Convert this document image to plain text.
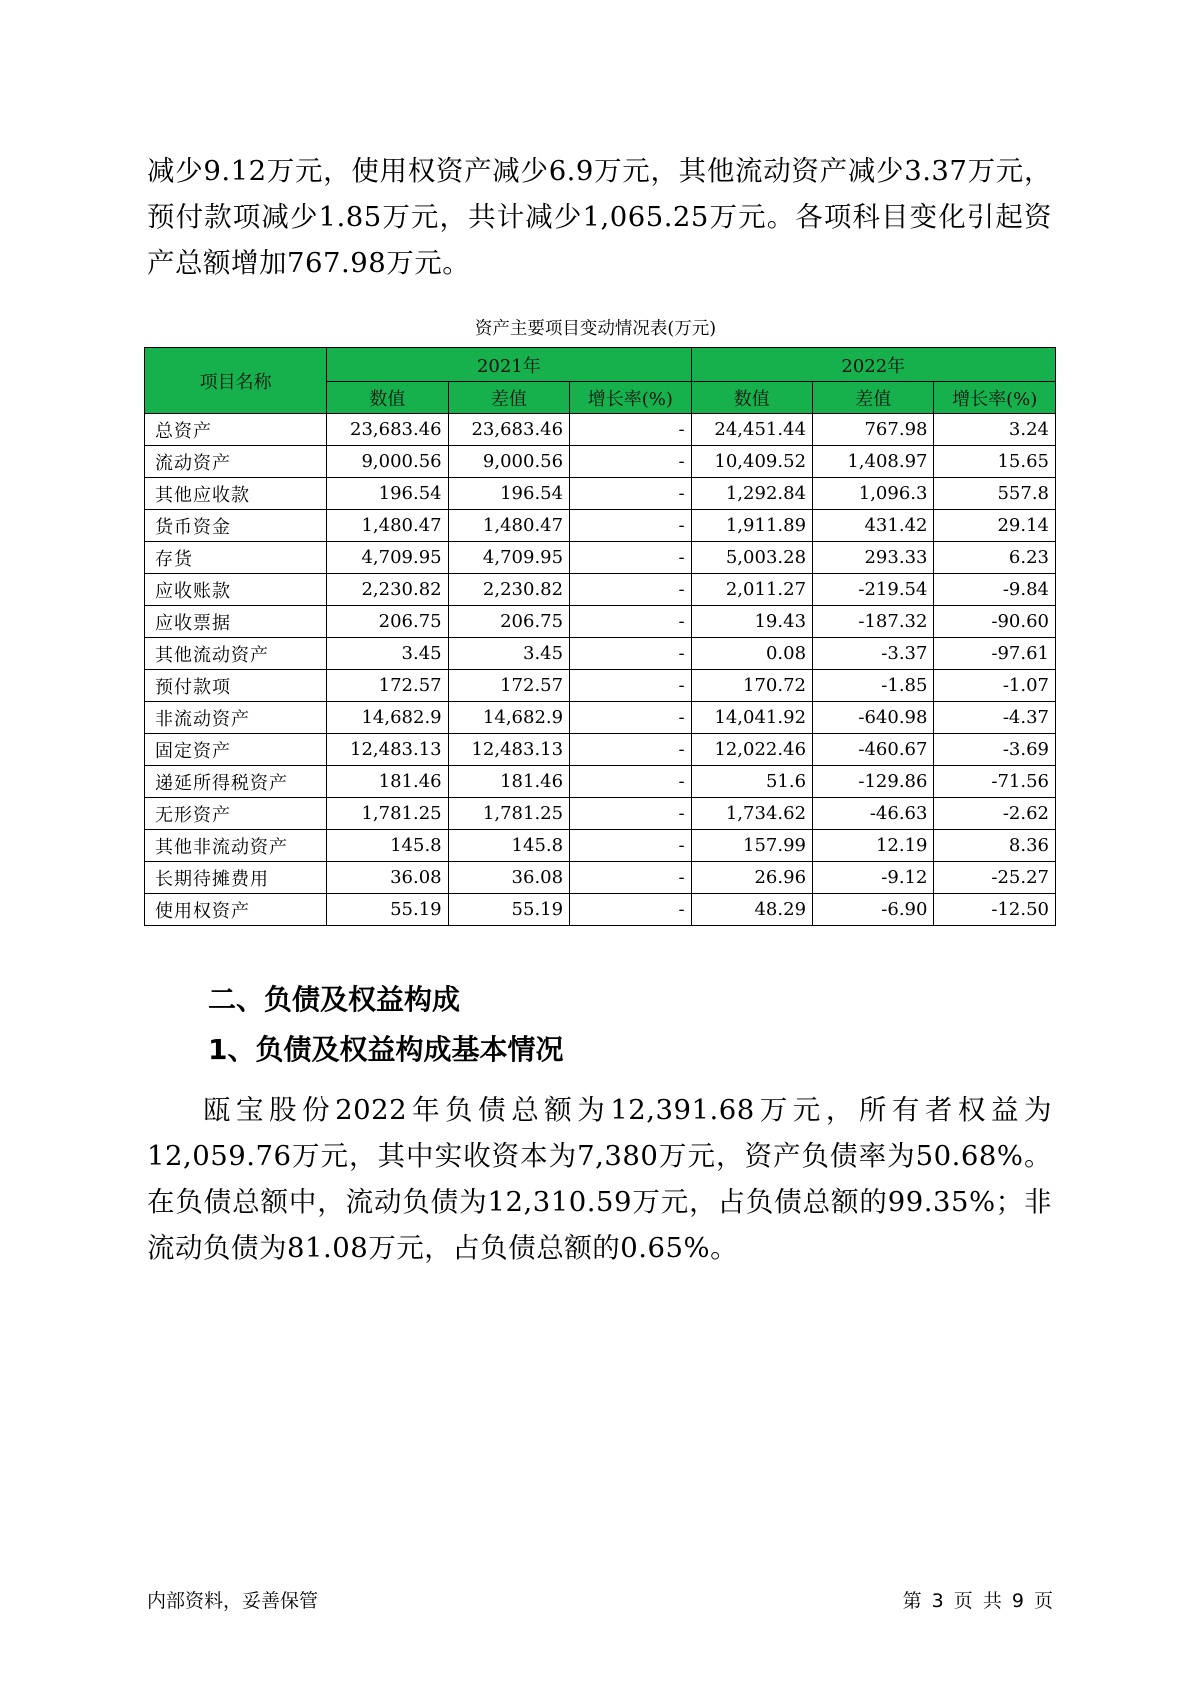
减少9.12万元，使用权资产减少6.9万元，其他流动资产减少3.37万元，预付款项减少1.85万元，共计减少1,065.25万元。各项科目变化引起资产总额增加767.98万元。

资产主要项目变动情况表(万元)
项目名称	2021年			2022年		
	数值	差值	增长率(%)	数值	差值	增长率(%)
总资产	23,683.46	23,683.46	-	24,451.44	767.98	3.24
流动资产	9,000.56	9,000.56	-	10,409.52	1,408.97	15.65
其他应收款	196.54	196.54	-	1,292.84	1,096.3	557.8
货币资金	1,480.47	1,480.47	-	1,911.89	431.42	29.14
存货	4,709.95	4,709.95	-	5,003.28	293.33	6.23
应收账款	2,230.82	2,230.82	-	2,011.27	-219.54	-9.84
应收票据	206.75	206.75	-	19.43	-187.32	-90.60
其他流动资产	3.45	3.45	-	0.08	-3.37	-97.61
预付款项	172.57	172.57	-	170.72	-1.85	-1.07
非流动资产	14,682.9	14,682.9	-	14,041.92	-640.98	-4.37
固定资产	12,483.13	12,483.13	-	12,022.46	-460.67	-3.69
递延所得税资产	181.46	181.46	-	51.6	-129.86	-71.56
无形资产	1,781.25	1,781.25	-	1,734.62	-46.63	-2.62
其他非流动资产	145.8	145.8	-	157.99	12.19	8.36
长期待摊费用	36.08	36.08	-	26.96	-9.12	-25.27
使用权资产	55.19	55.19	-	48.29	-6.90	-12.50
二、负债及权益构成
1、负债及权益构成基本情况

瓯宝股份2022年负债总额为12,391.68万元，所有者权益为12,059.76万元，其中实收资本为7,380万元，资产负债率为50.68%。在负债总额中，流动负债为12,310.59万元，占负债总额的99.35%；非流动负债为81.08万元，占负债总额的0.65%。

内部资料，妥善保管	第 3 页 共 9 页
